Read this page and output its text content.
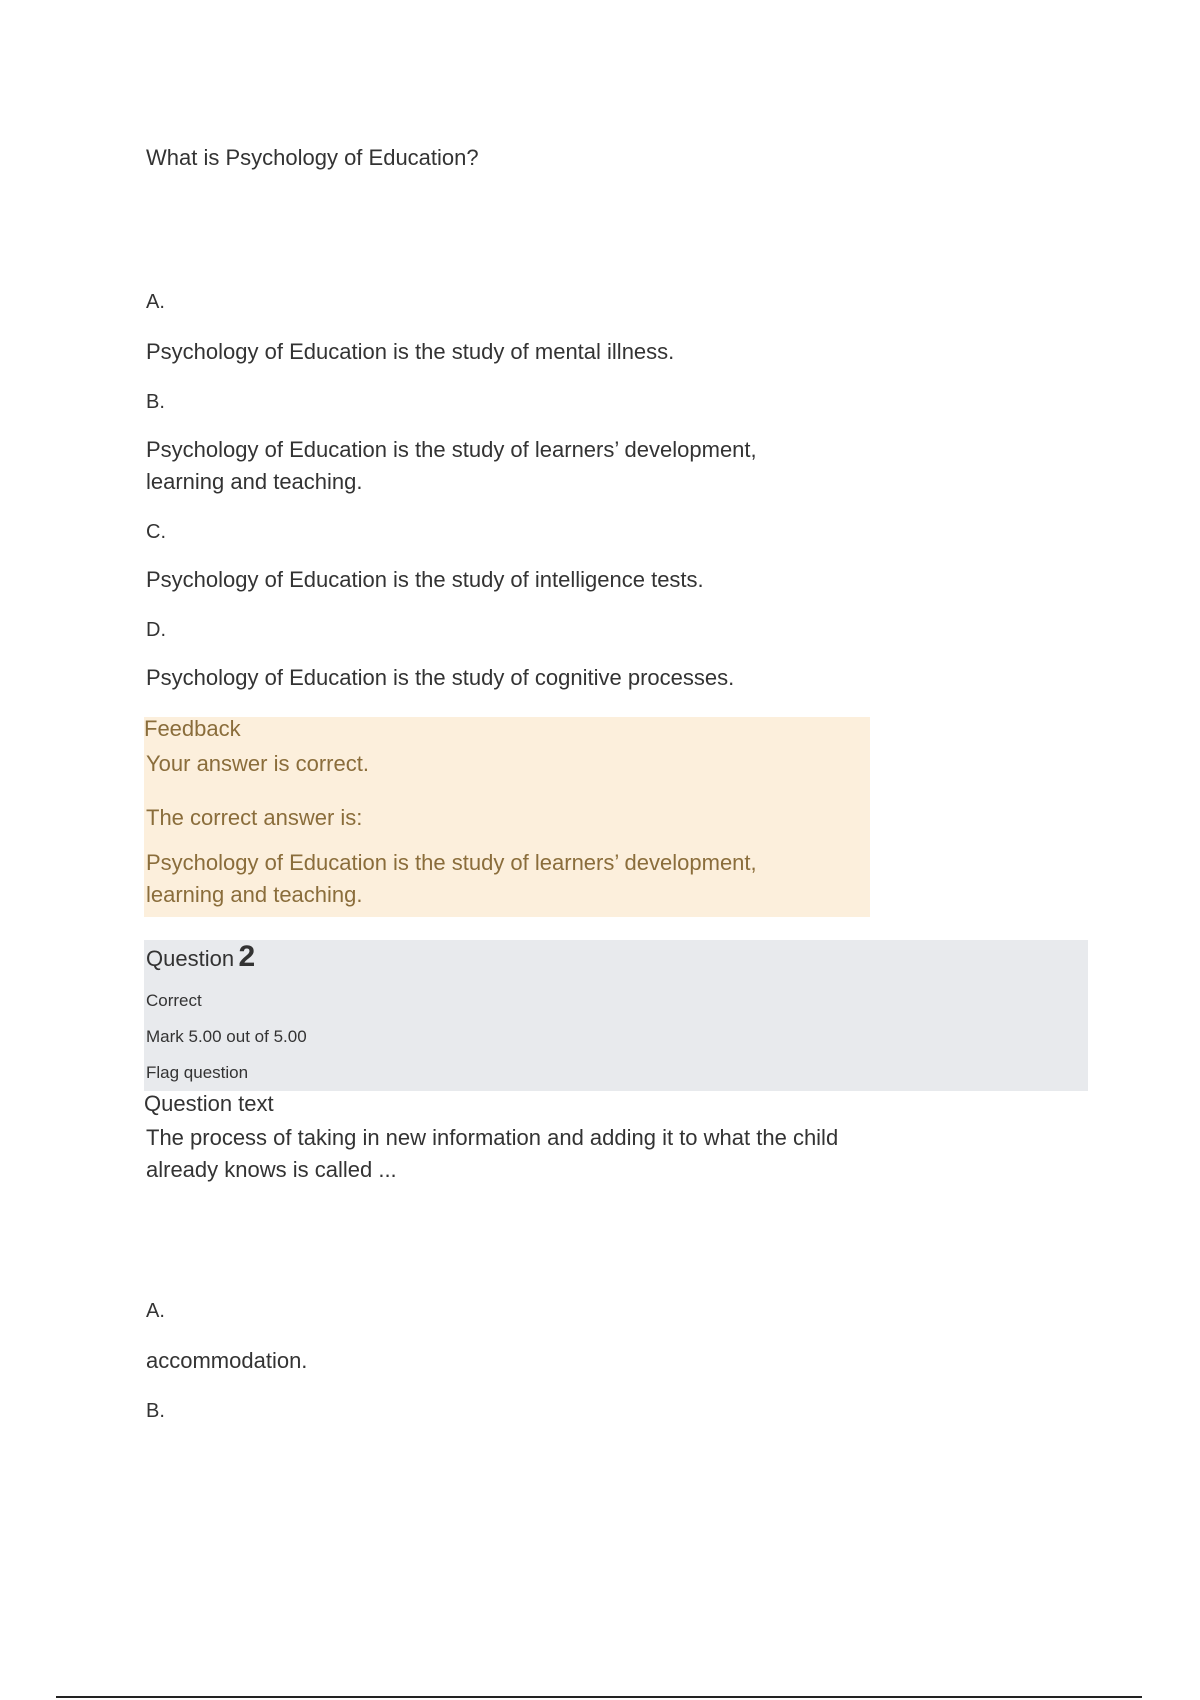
What is Psychology of Education?
A.
Psychology of Education is the study of mental illness.
B.
Psychology of Education is the study of learners’ development, learning and teaching.
C.
Psychology of Education is the study of intelligence tests.
D.
Psychology of Education is the study of cognitive processes.
Feedback
Your answer is correct.
The correct answer is:
Psychology of Education is the study of learners’ development, learning and teaching.
Question 2
Correct
Mark 5.00 out of 5.00
Flag question
Question text
The process of taking in new information and adding it to what the child already knows is called ...
A.
accommodation.
B.
